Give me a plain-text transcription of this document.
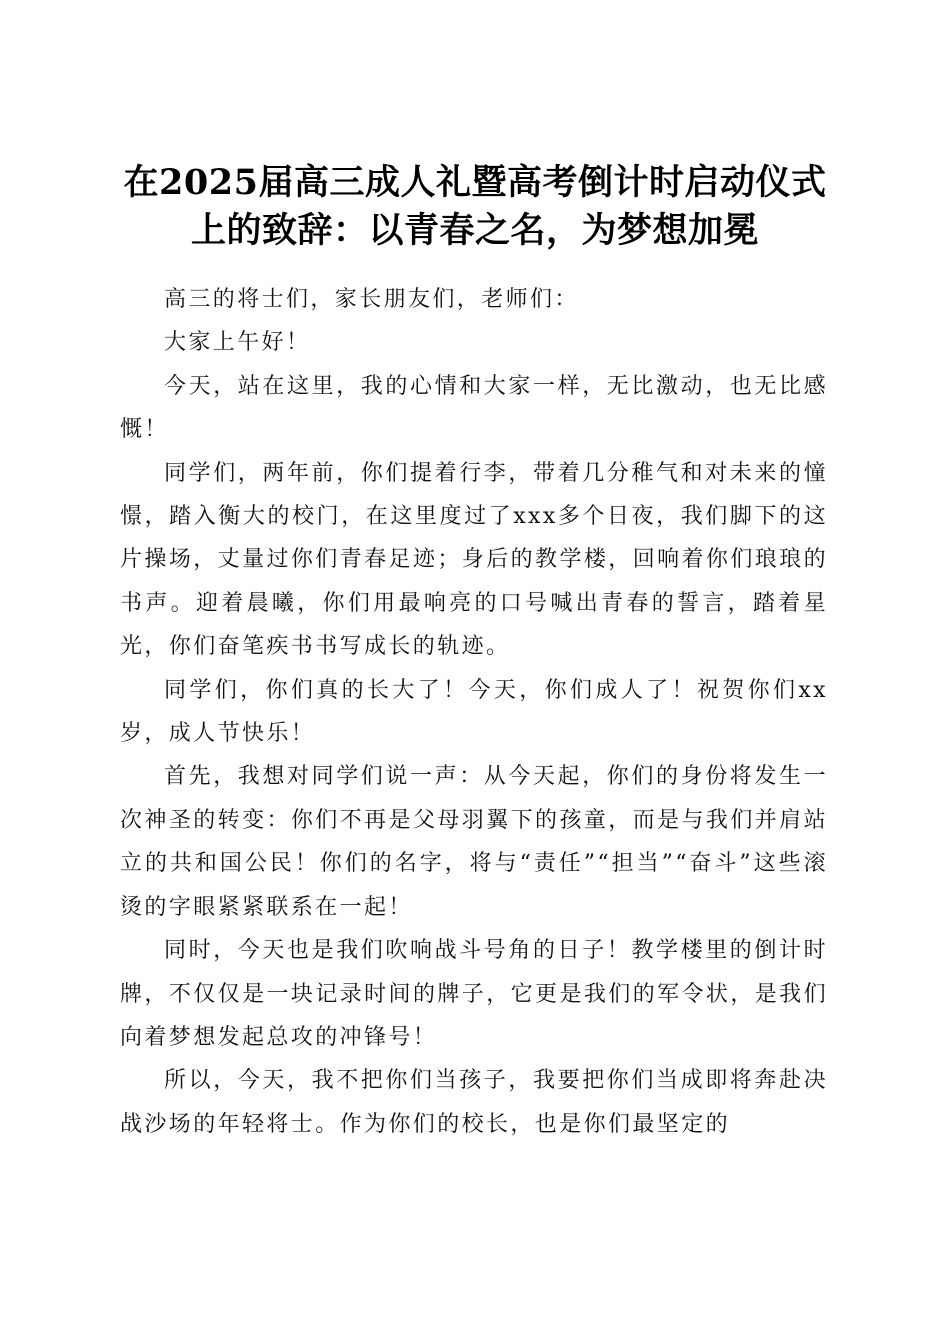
在2025届高三成人礼暨高考倒计时启动仪式
上的致辞：以青春之名，为梦想加冕

高三的将士们，家长朋友们，老师们：

大家上午好！

今天，站在这里，我的心情和大家一样，无比激动，也无比感慨！

同学们，两年前，你们提着行李，带着几分稚气和对未来的憧憬，踏入衡大的校门，在这里度过了xxx多个日夜，我们脚下的这片操场，丈量过你们青春足迹；身后的教学楼，回响着你们琅琅的书声。迎着晨曦，你们用最响亮的口号喊出青春的誓言，踏着星光，你们奋笔疾书书写成长的轨迹。

同学们，你们真的长大了！今天，你们成人了！祝贺你们xx岁，成人节快乐！

首先，我想对同学们说一声：从今天起，你们的身份将发生一次神圣的转变：你们不再是父母羽翼下的孩童，而是与我们并肩站立的共和国公民！你们的名字，将与“责任”“担当”“奋斗”这些滚烫的字眼紧紧联系在一起！

同时，今天也是我们吹响战斗号角的日子！教学楼里的倒计时牌，不仅仅是一块记录时间的牌子，它更是我们的军令状，是我们向着梦想发起总攻的冲锋号！

所以，今天，我不把你们当孩子，我要把你们当成即将奔赴决战沙场的年轻将士。作为你们的校长，也是你们最坚定的
